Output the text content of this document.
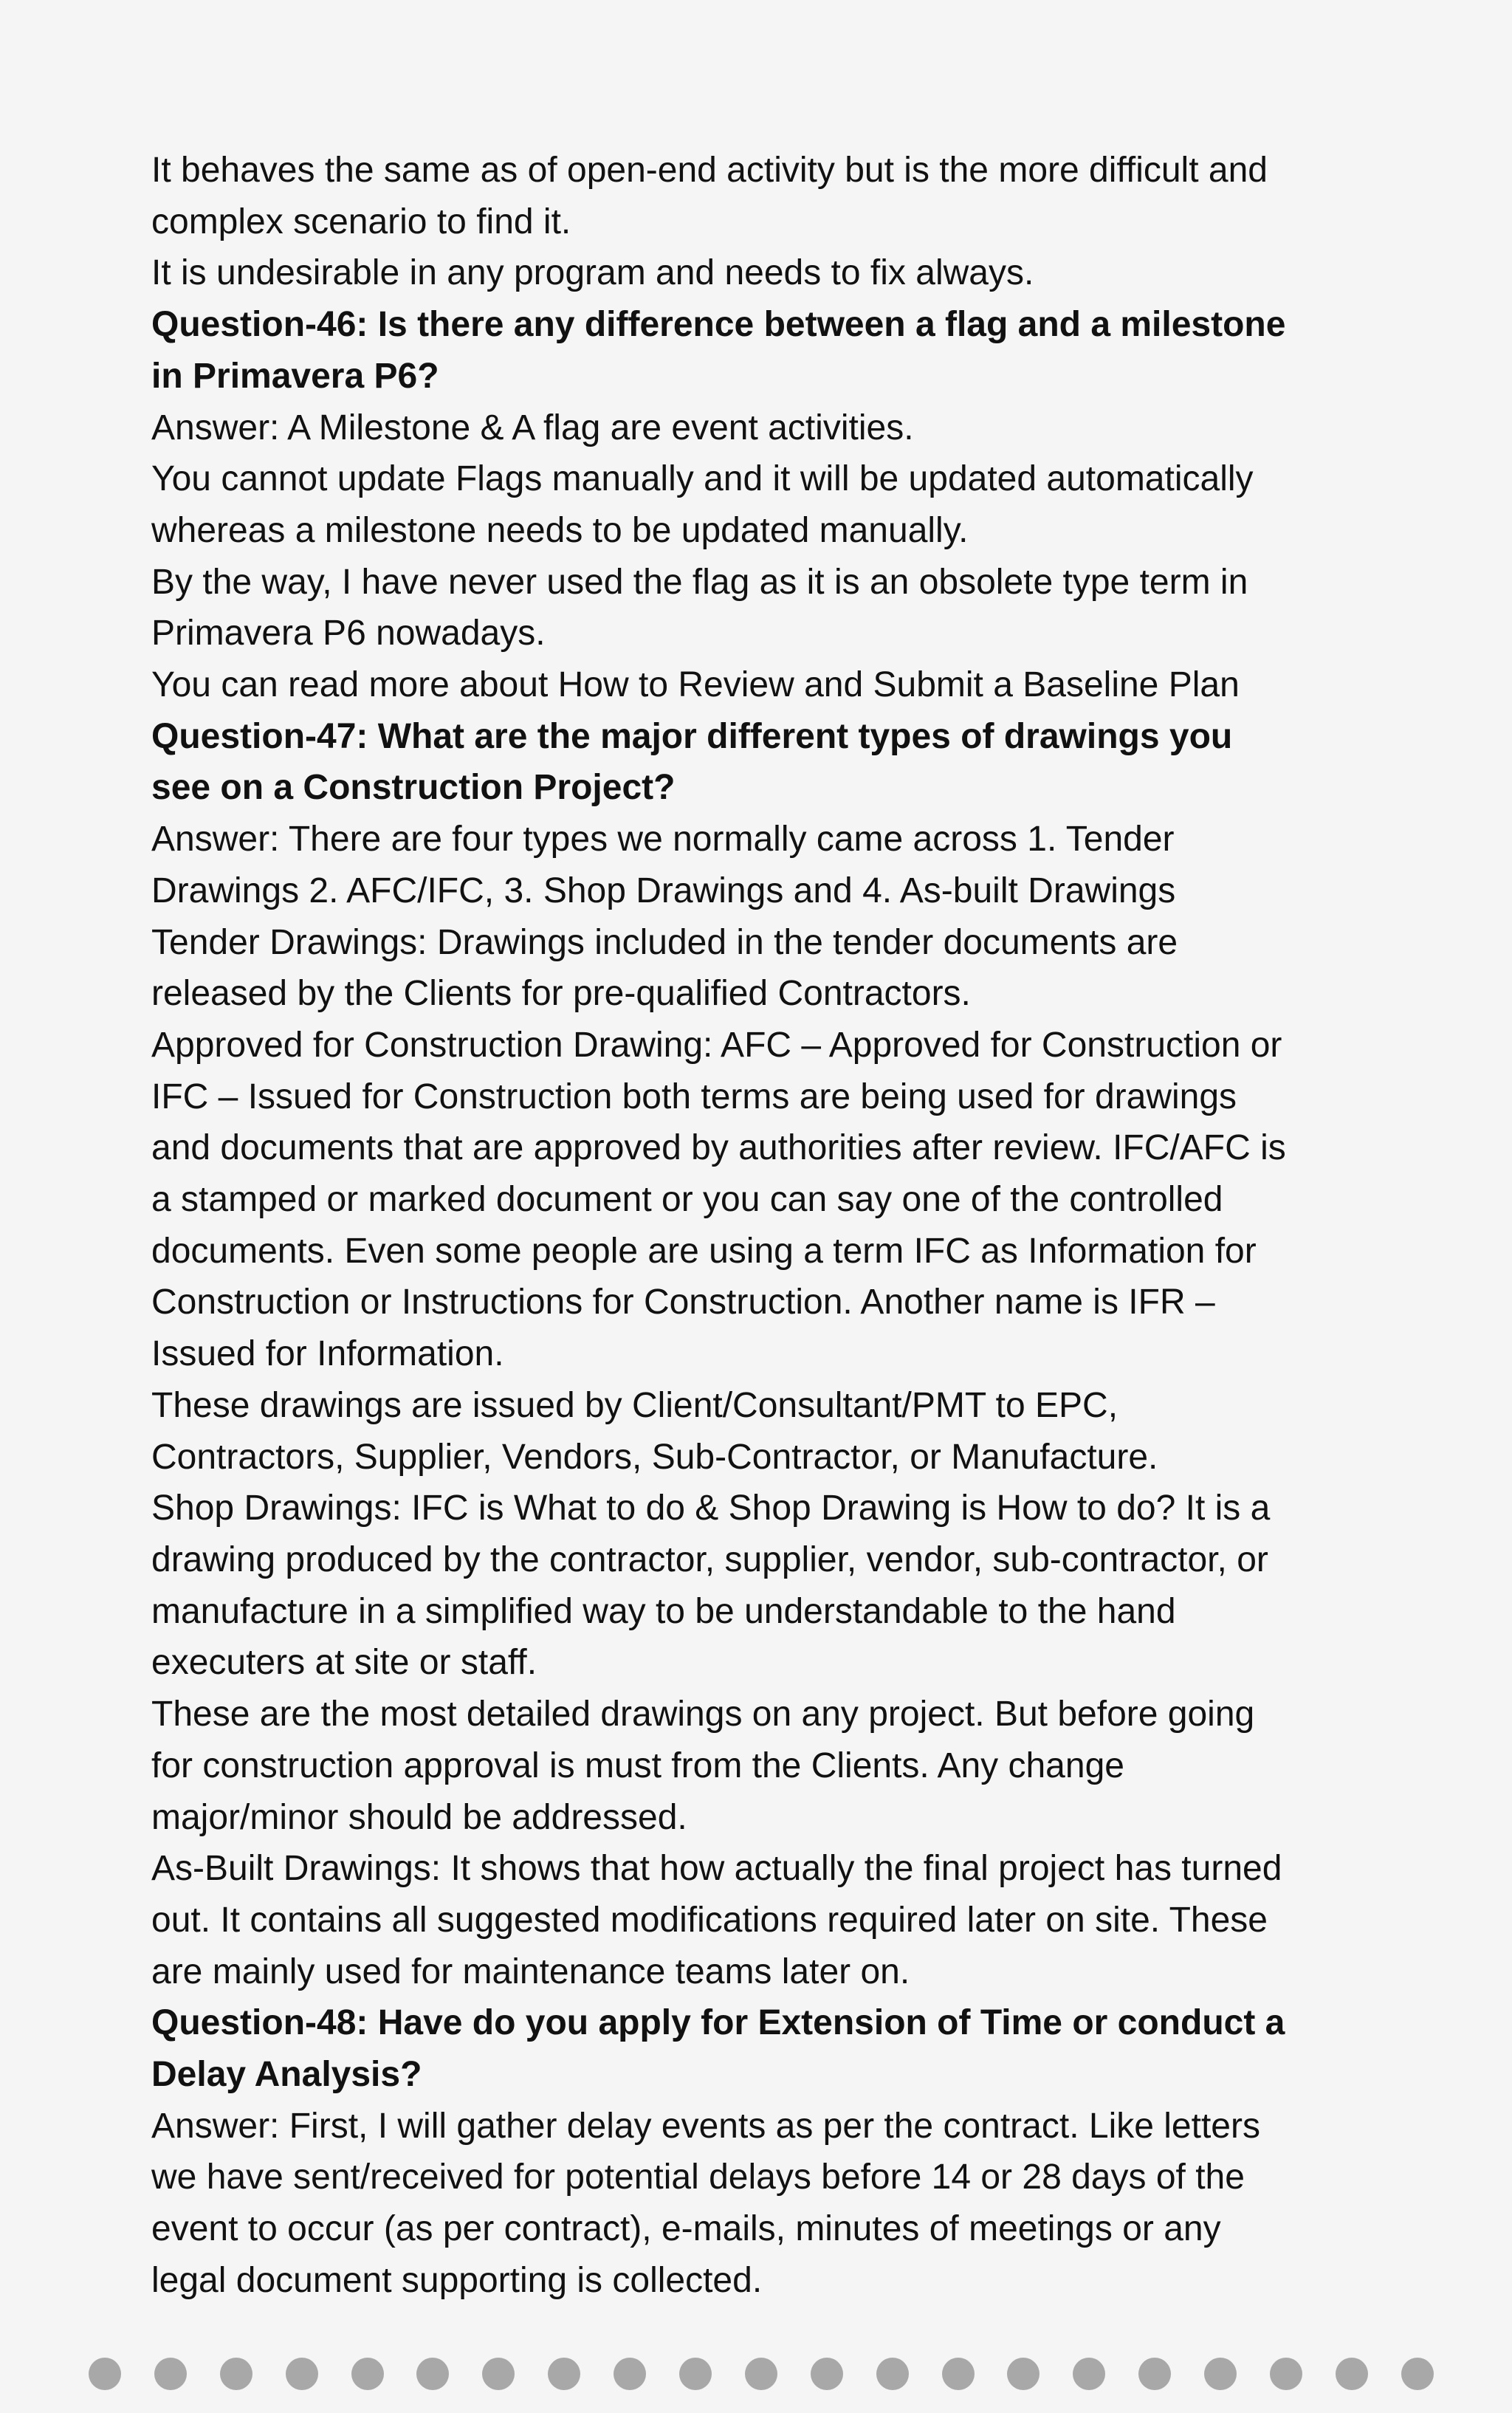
It behaves the same as of open-end activity but is the more difficult and
complex scenario to find it.
It is undesirable in any program and needs to fix always.
Question-46: Is there any difference between a flag and a milestone
in Primavera P6?
Answer: A Milestone & A flag are event activities.
You cannot update Flags manually and it will be updated automatically
whereas a milestone needs to be updated manually.
By the way, I have never used the flag as it is an obsolete type term in
Primavera P6 nowadays.
You can read more about How to Review and Submit a Baseline Plan
Question-47: What are the major different types of drawings you
see on a Construction Project?
Answer: There are four types we normally came across 1. Tender
Drawings 2. AFC/IFC, 3. Shop Drawings and 4. As-built Drawings
Tender Drawings: Drawings included in the tender documents are
released by the Clients for pre-qualified Contractors.
Approved for Construction Drawing: AFC – Approved for Construction or
IFC – Issued for Construction both terms are being used for drawings
and documents that are approved by authorities after review. IFC/AFC is
a stamped or marked document or you can say one of the controlled
documents. Even some people are using a term IFC as Information for
Construction or Instructions for Construction. Another name is IFR –
Issued for Information.
These drawings are issued by Client/Consultant/PMT to EPC,
Contractors, Supplier, Vendors, Sub-Contractor, or Manufacture.
Shop Drawings: IFC is What to do & Shop Drawing is How to do? It is a
drawing produced by the contractor, supplier, vendor, sub-contractor, or
manufacture in a simplified way to be understandable to the hand
executers at site or staff.
These are the most detailed drawings on any project. But before going
for construction approval is must from the Clients. Any change
major/minor should be addressed.
As-Built Drawings: It shows that how actually the final project has turned
out. It contains all suggested modifications required later on site. These
are mainly used for maintenance teams later on.
Question-48: Have do you apply for Extension of Time or conduct a
Delay Analysis?
Answer: First, I will gather delay events as per the contract. Like letters
we have sent/received for potential delays before 14 or 28 days of the
event to occur (as per contract), e-mails, minutes of meetings or any
legal document supporting is collected.
